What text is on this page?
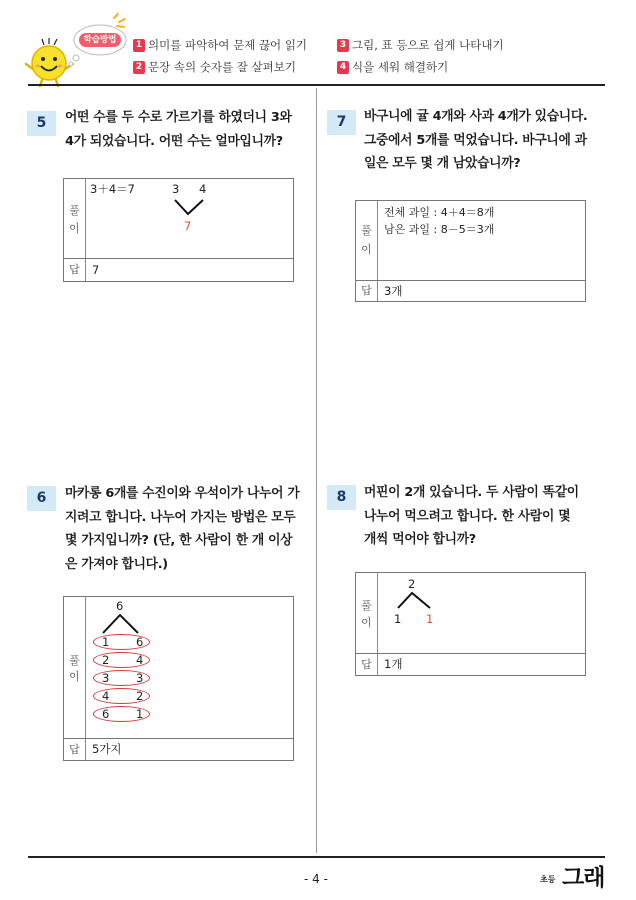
학습방법	1 의미를 파악하여 문제 끊어 읽기
2 문장 속의 숫자를 잘 살펴보기
3 그림, 표 등으로 쉽게 나타내기
4 식을 세워 해결하기
5	어떤 수를 두 수로 가르기를 하였더니 3와
4가 되었습니다. 어떤 수는 얼마입니까?
풀
이
3＋4＝7	3 4
7
답	7
7	바구니에 귤 4개와 사과 4개가 있습니다.
그중에서 5개를 먹었습니다. 바구니에 과
일은 모두 몇 개 남았습니까?
풀
이
전체 과일 : 4＋4＝8개
남은 과일 : 8－5＝3개
답	3개
6	마카롱 6개를 수진이와 우석이가 나누어 가
지려고 합니다. 나누어 가지는 방법은 모두
몇 가지입니까? (단, 한 사람이 한 개 이상
은 가져야 합니다.)
풀
이
6
1 6
2 4
3 3
4 2
6 1
답	5가지
8	머핀이 2개 있습니다. 두 사람이 똑같이
나누어 먹으려고 합니다. 한 사람이 몇
개씩 먹어야 합니까?
풀
이
2
1 1
답	1개
- 4 -	초등 그래
